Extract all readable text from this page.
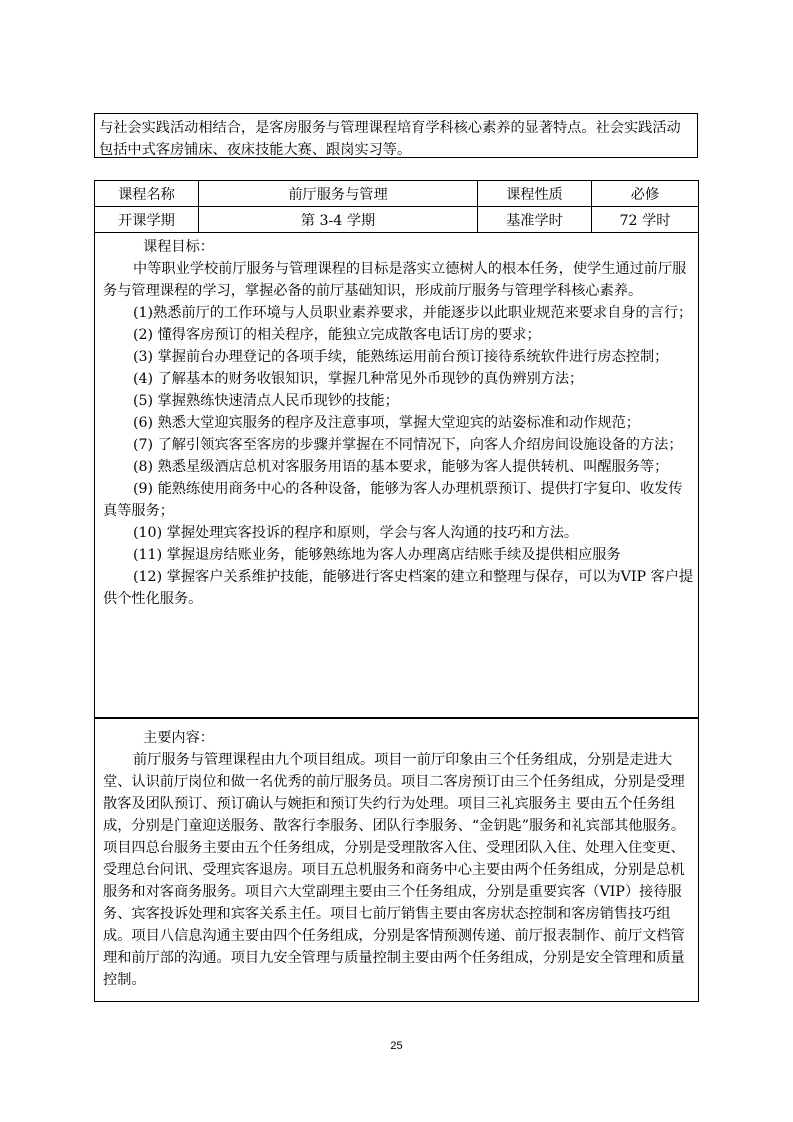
与社会实践活动相结合，是客房服务与管理课程培育学科核心素养的显著特点。社会实践活动包括中式客房铺床、夜床技能大赛、跟岗实习等。

课程名称	前厅服务与管理	课程性质	必修
开课学期	第 3-4 学期	基准学时	72 学时

课程目标：

中等职业学校前厅服务与管理课程的目标是落实立德树人的根本任务，使学生通过前厅服务与管理课程的学习，掌握必备的前厅基础知识，形成前厅服务与管理学科核心素养。

(1)熟悉前厅的工作环境与人员职业素养要求，并能逐步以此职业规范来要求自身的言行；

(2) 懂得客房预订的相关程序，能独立完成散客电话订房的要求；

(3) 掌握前台办理登记的各项手续，能熟练运用前台预订接待系统软件进行房态控制；

(4) 了解基本的财务收银知识，掌握几种常见外币现钞的真伪辨别方法；

(5) 掌握熟练快速清点人民币现钞的技能；

(6) 熟悉大堂迎宾服务的程序及注意事项，掌握大堂迎宾的站姿标准和动作规范；

(7) 了解引领宾客至客房的步骤并掌握在不同情况下，向客人介绍房间设施设备的方法；

(8) 熟悉星级酒店总机对客服务用语的基本要求，能够为客人提供转机、叫醒服务等；

(9) 能熟练使用商务中心的各种设备，能够为客人办理机票预订、提供打字复印、收发传真等服务；

(10) 掌握处理宾客投诉的程序和原则，学会与客人沟通的技巧和方法。

(11) 掌握退房结账业务，能够熟练地为客人办理离店结账手续及提供相应服务

(12) 掌握客户关系维护技能，能够进行客史档案的建立和整理与保存，可以为VIP 客户提供个性化服务。

主要内容：

前厅服务与管理课程由九个项目组成。项目一前厅印象由三个任务组成，分别是走进大堂、认识前厅岗位和做一名优秀的前厅服务员。项目二客房预订由三个任务组成，分别是受理散客及团队预订、预订确认与婉拒和预订失约行为处理。项目三礼宾服务主 要由五个任务组成，分别是门童迎送服务、散客行李服务、团队行李服务、“金钥匙”服务和礼宾部其他服务。项目四总台服务主要由五个任务组成，分别是受理散客入住、受理团队入住、处理入住变更、受理总台问讯、受理宾客退房。项目五总机服务和商务中心主要由两个任务组成，分别是总机服务和对客商务服务。项目六大堂副理主要由三个任务组成，分别是重要宾客（VIP）接待服务、宾客投诉处理和宾客关系主任。项目七前厅销售主要由客房状态控制和客房销售技巧组成。项目八信息沟通主要由四个任务组成，分别是客情预测传递、前厅报表制作、前厅文档管理和前厅部的沟通。项目九安全管理与质量控制主要由两个任务组成，分别是安全管理和质量控制。

25
